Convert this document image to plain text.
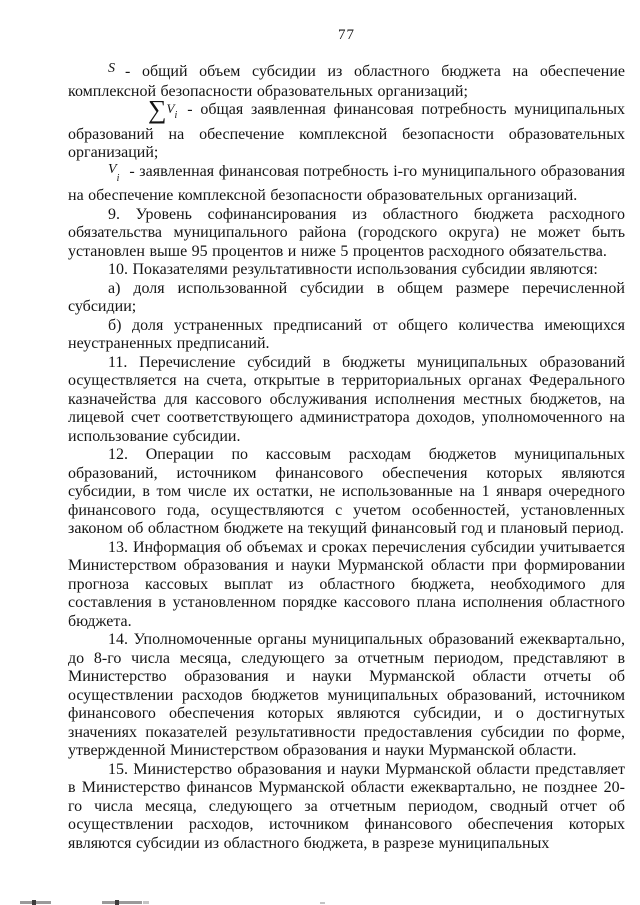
77

S - общий объем субсидии из областного бюджета на обеспечение комплексной безопасности образовательных организаций;

$\sum V_i$ - общая заявленная финансовая потребность муниципальных образований на обеспечение комплексной безопасности образовательных организаций;

$V_i$ - заявленная финансовая потребность i-го муниципального образования на обеспечение комплексной безопасности образовательных организаций.

9. Уровень софинансирования из областного бюджета расходного обязательства муниципального района (городского округа) не может быть установлен выше 95 процентов и ниже 5 процентов расходного обязательства.

10. Показателями результативности использования субсидии являются:

а) доля использованной субсидии в общем размере перечисленной субсидии;

б) доля устраненных предписаний от общего количества имеющихся неустраненных предписаний.

11. Перечисление субсидий в бюджеты муниципальных образований осуществляется на счета, открытые в территориальных органах Федерального казначейства для кассового обслуживания исполнения местных бюджетов, на лицевой счет соответствующего администратора доходов, уполномоченного на использование субсидии.

12. Операции по кассовым расходам бюджетов муниципальных образований, источником финансового обеспечения которых являются субсидии, в том числе их остатки, не использованные на 1 января очередного финансового года, осуществляются с учетом особенностей, установленных законом об областном бюджете на текущий финансовый год и плановый период.

13. Информация об объемах и сроках перечисления субсидии учитывается Министерством образования и науки Мурманской области при формировании прогноза кассовых выплат из областного бюджета, необходимого для составления в установленном порядке кассового плана исполнения областного бюджета.

14. Уполномоченные органы муниципальных образований ежеквартально, до 8-го числа месяца, следующего за отчетным периодом, представляют в Министерство образования и науки Мурманской области отчеты об осуществлении расходов бюджетов муниципальных образований, источником финансового обеспечения которых являются субсидии, и о достигнутых значениях показателей результативности предоставления субсидии по форме, утвержденной Министерством образования и науки Мурманской области.

15. Министерство образования и науки Мурманской области представляет в Министерство финансов Мурманской области ежеквартально, не позднее 20-го числа месяца, следующего за отчетным периодом, сводный отчет об осуществлении расходов, источником финансового обеспечения которых являются субсидии из областного бюджета, в разрезе муниципальных
